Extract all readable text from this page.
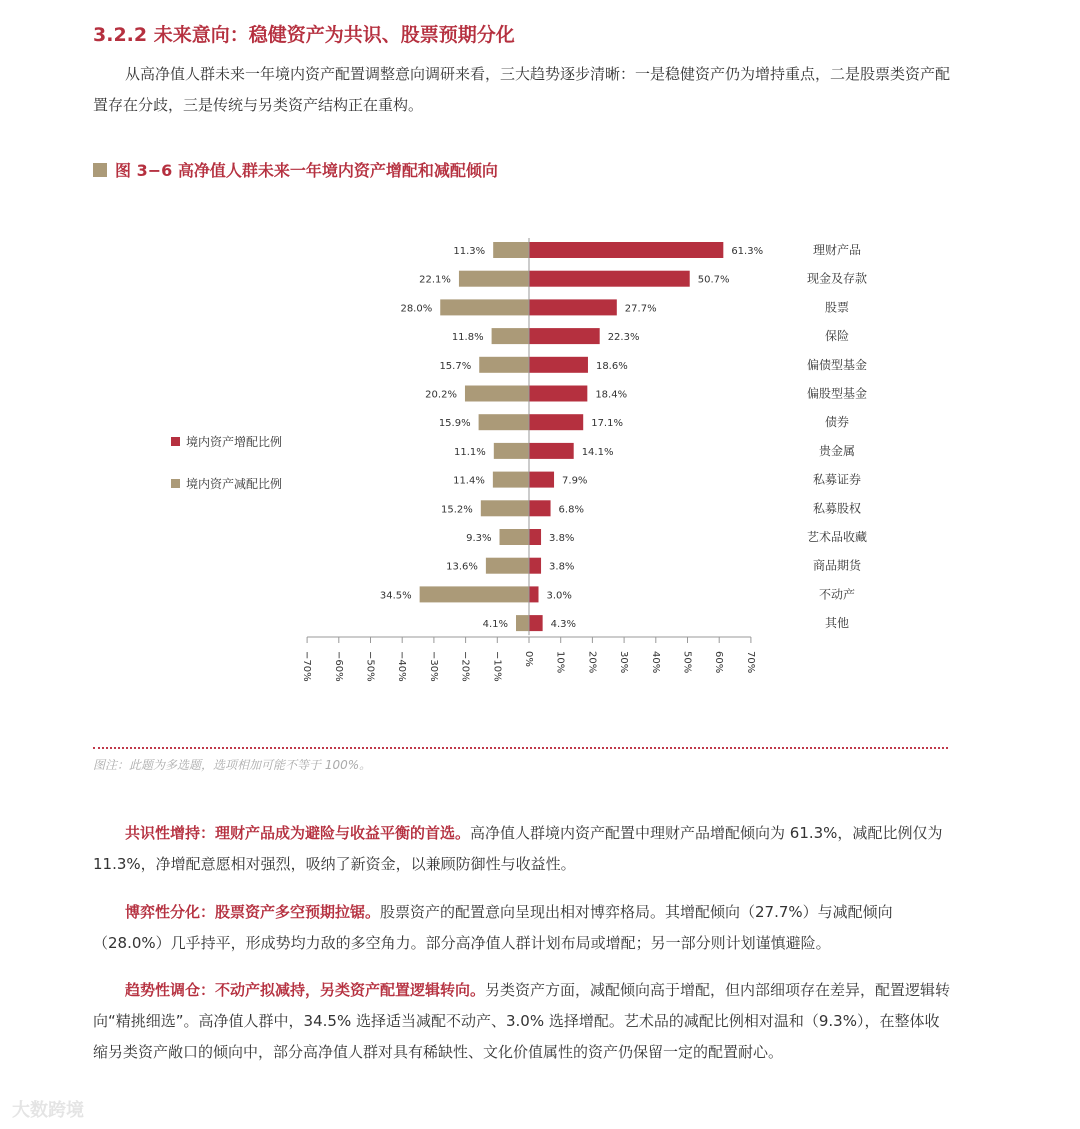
3.2.2 未来意向：稳健资产为共识、股票预期分化
从高净值人群未来一年境内资产配置调整意向调研来看，三大趋势逐步清晰：一是稳健资产仍为增持重点，二是股票类资产配置存在分歧，三是传统与另类资产结构正在重构。
图 3−6 高净值人群未来一年境内资产增配和减配倾向
境内资产增配比例
境内资产减配比例
11.3%	61.3%	理财产品
22.1%	50.7%	现金及存款
28.0%	27.7%	股票
11.8%	22.3%	保险
15.7%	18.6%	偏债型基金
20.2%	18.4%	偏股型基金
15.9%	17.1%	债券
11.1%	14.1%	贵金属
11.4%	7.9%	私募证券
15.2%	6.8%	私募股权
9.3%	3.8%	艺术品收藏
13.6%	3.8%	商品期货
34.5%	3.0%	不动产
4.1%	4.3%	其他
−70% −60% −50% −40% −30% −20% −10% 0% 10% 20% 30% 40% 50% 60% 70%
图注：此题为多选题，选项相加可能不等于 100%。
共识性增持：理财产品成为避险与收益平衡的首选。高净值人群境内资产配置中理财产品增配倾向为 61.3%，减配比例仅为 11.3%，净增配意愿相对强烈，吸纳了新资金，以兼顾防御性与收益性。
博弈性分化：股票资产多空预期拉锯。股票资产的配置意向呈现出相对博弈格局。其增配倾向（27.7%）与减配倾向（28.0%）几乎持平，形成势均力敌的多空角力。部分高净值人群计划布局或增配；另一部分则计划谨慎避险。
趋势性调仓：不动产拟减持，另类资产配置逻辑转向。另类资产方面，减配倾向高于增配，但内部细项存在差异，配置逻辑转向“精挑细选”。高净值人群中，34.5% 选择适当减配不动产、3.0% 选择增配。艺术品的减配比例相对温和（9.3%），在整体收缩另类资产敞口的倾向中，部分高净值人群对具有稀缺性、文化价值属性的资产仍保留一定的配置耐心。
大数跨境
